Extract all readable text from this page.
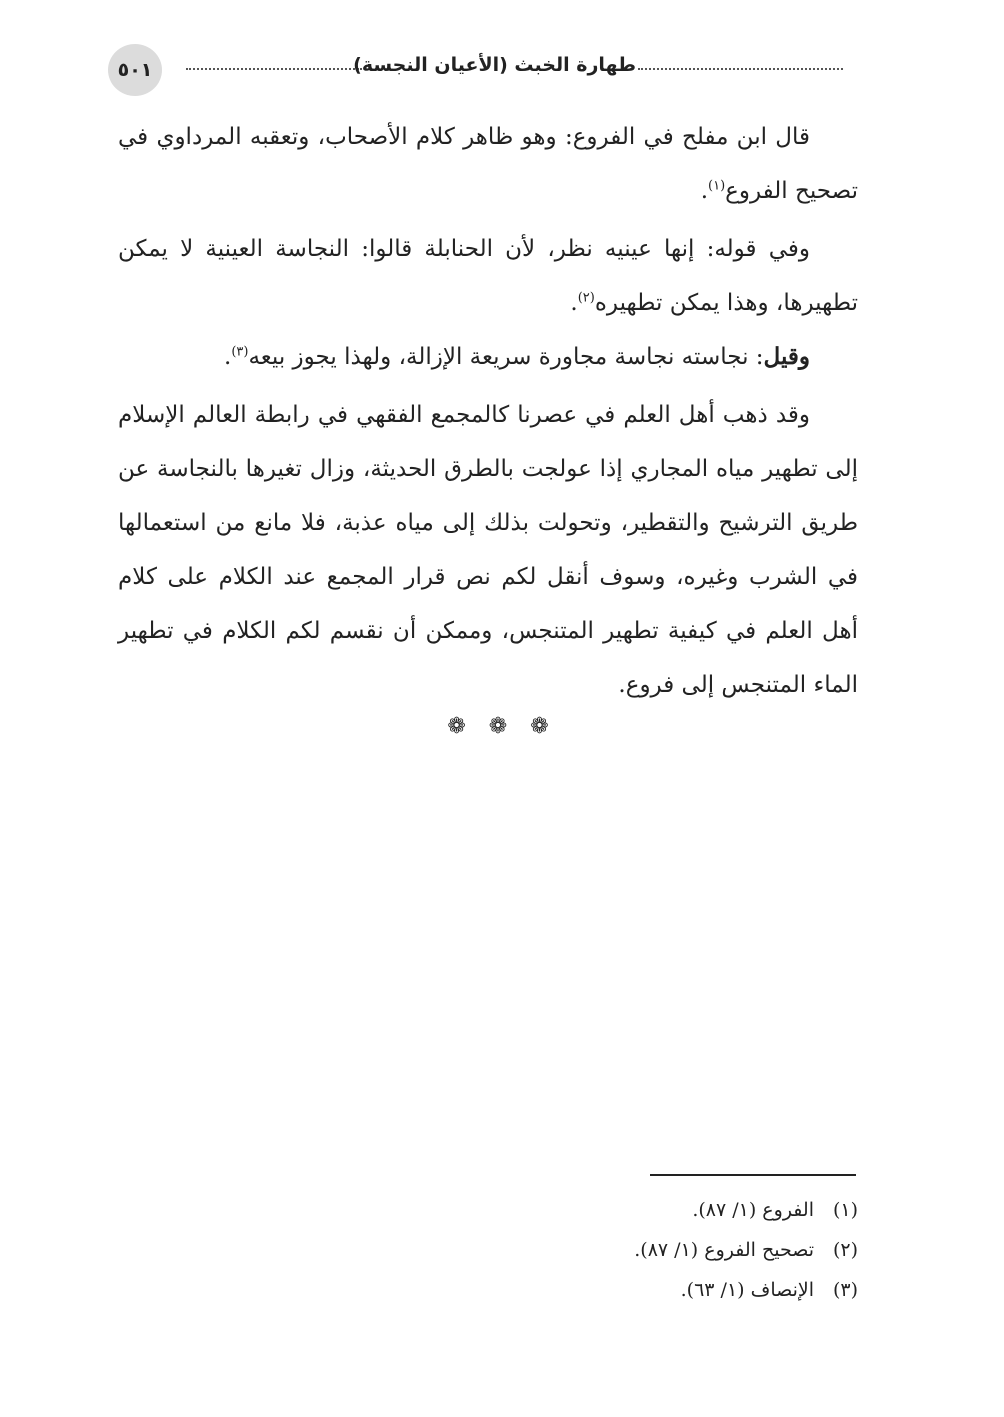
٥٠١	طهارة الخبث (الأعيان النجسة)

قال ابن مفلح في الفروع: وهو ظاهر كلام الأصحاب، وتعقبه المرداوي في تصحيح الفروع$^{(١)}$.

وفي قوله: إنها عينيه نظر، لأن الحنابلة قالوا: النجاسة العينية لا يمكن تطهيرها، وهذا يمكن تطهيره$^{(٢)}$.

وقيل: نجاسته نجاسة مجاورة سريعة الإزالة، ولهذا يجوز بيعه$^{(٣)}$.

وقد ذهب أهل العلم في عصرنا كالمجمع الفقهي في رابطة العالم الإسلام إلى تطهير مياه المجاري إذا عولجت بالطرق الحديثة، وزال تغيرها بالنجاسة عن طريق الترشيح والتقطير، وتحولت بذلك إلى مياه عذبة، فلا مانع من استعمالها في الشرب وغيره، وسوف أنقل لكم نص قرار المجمع عند الكلام على كلام أهل العلم في كيفية تطهير المتنجس، وممكن أن نقسم لكم الكلام في تطهير الماء المتنجس إلى فروع.

❁ ❁ ❁
(١)الفروع (١/ ٨٧).
(٢)تصحيح الفروع (١/ ٨٧).
(٣)الإنصاف (١/ ٦٣).
